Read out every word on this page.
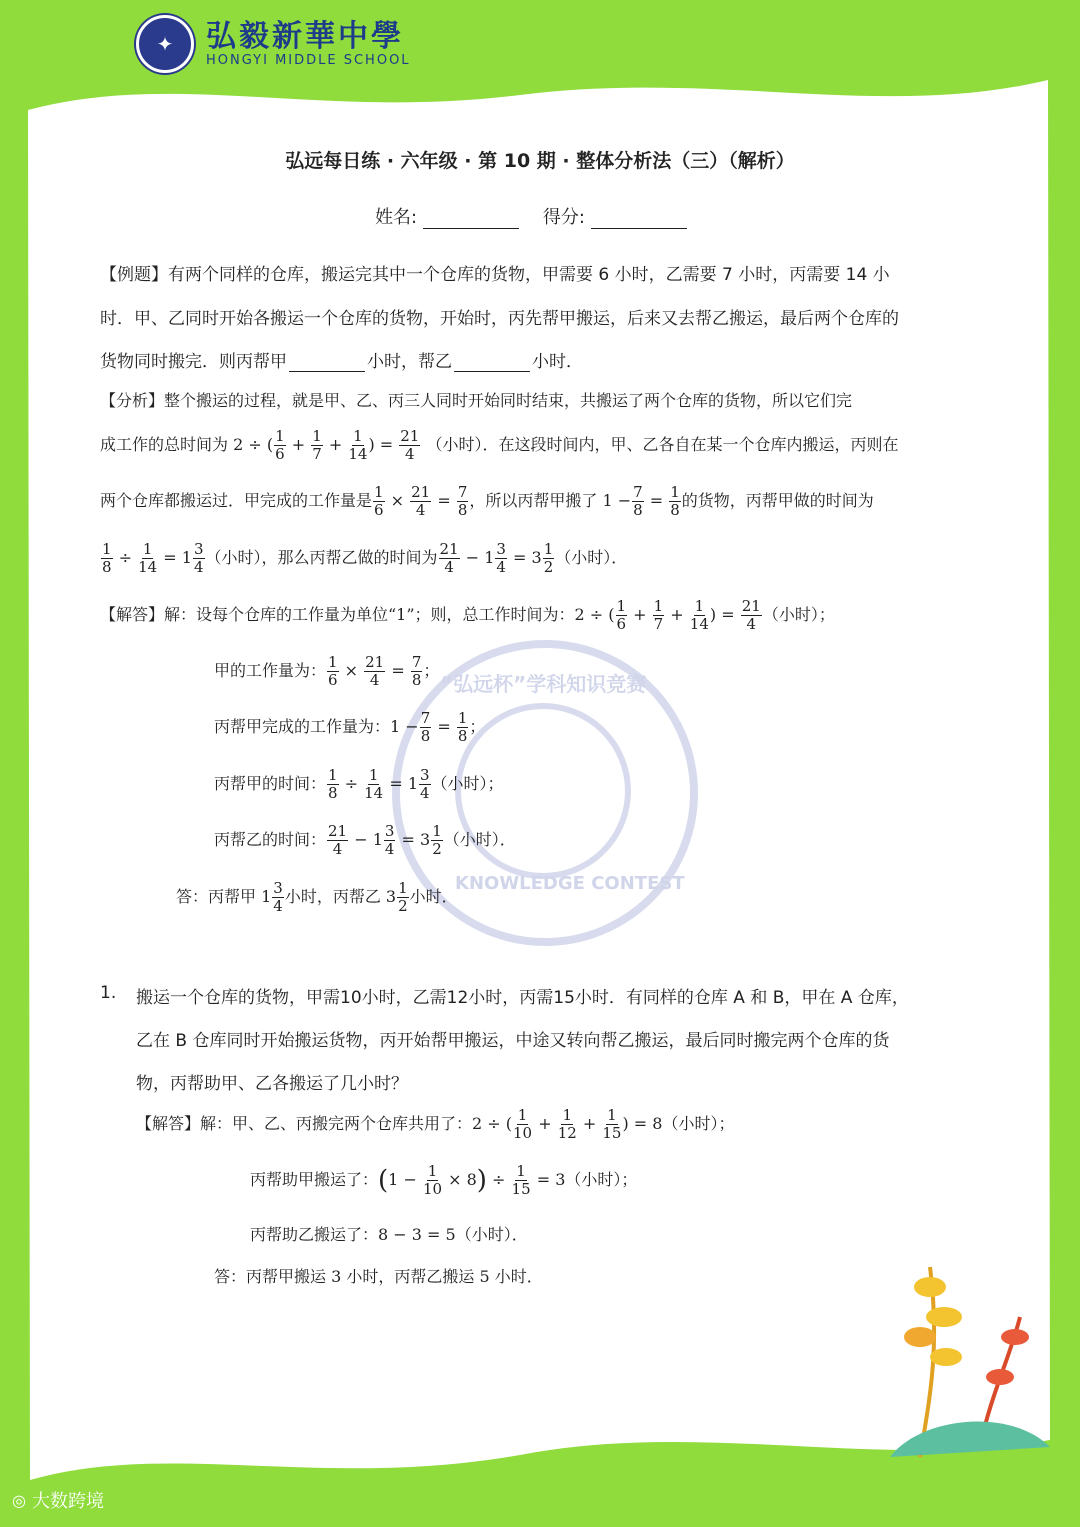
✦	弘毅新華中學
HONGYI MIDDLE SCHOOL
弘远每日练 · 六年级 · 第 10 期 · 整体分析法（三）（解析）
姓名:	得分:
“弘远杯”学科知识竞赛
KNOWLEDGE CONTEST
【例题】有两个同样的仓库，搬运完其中一个仓库的货物，甲需要 6 小时，乙需要 7 小时，丙需要 14 小
时．甲、乙同时开始各搬运一个仓库的货物，开始时，丙先帮甲搬运，后来又去帮乙搬运，最后两个仓库的
货物同时搬完．则丙帮甲	小时，帮乙	小时．
【分析】整个搬运的过程，就是甲、乙、丙三人同时开始同时结束，共搬运了两个仓库的货物，所以它们完
成工作的总时间为 2 ÷ ( $\frac{1}{6} + \frac{1}{7} + \frac{1}{14}$ ) = $\frac{21}{4}$ （小时）．在这段时间内，甲、乙各自在某一个仓库内搬运，丙则在
两个仓库都搬运过．甲完成的工作量是 $\frac{1}{6} \times \frac{21}{4} = \frac{7}{8}$ ，所以丙帮甲搬了 $1 - \frac{7}{8} = \frac{1}{8}$ 的货物，丙帮甲做的时间为
$\frac{1}{8} \div \frac{1}{14} = 1 \frac{3}{4}$ （小时），那么丙帮乙做的时间为 $\frac{21}{4} - 1 \frac{3}{4} = 3 \frac{1}{2}$ （小时）．
【解答】解：设每个仓库的工作量为单位“1”；则，总工作时间为：2 ÷ ( $\frac{1}{6} + \frac{1}{7} + \frac{1}{14}$ ) = $\frac{21}{4}$ （小时）；
甲的工作量为： $\frac{1}{6} \times \frac{21}{4} = \frac{7}{8}$ ；
丙帮甲完成的工作量为：$1 - \frac{7}{8} = \frac{1}{8}$ ；
丙帮甲的时间： $\frac{1}{8} \div \frac{1}{14} = 1 \frac{3}{4}$ （小时）；
丙帮乙的时间： $\frac{21}{4} - 1 \frac{3}{4} = 3 \frac{1}{2}$ （小时）．
答：丙帮甲 $1 \frac{3}{4}$ 小时，丙帮乙 $3 \frac{1}{2}$ 小时．
1. 搬运一个仓库的货物，甲需10小时，乙需12小时，丙需15小时．有同样的仓库 A 和 B，甲在 A 仓库，
乙在 B 仓库同时开始搬运货物，丙开始帮甲搬运，中途又转向帮乙搬运，最后同时搬完两个仓库的货
物，丙帮助甲、乙各搬运了几小时？
【解答】解：甲、乙、丙搬完两个仓库共用了：2 ÷ ( $\frac{1}{10} + \frac{1}{12} + \frac{1}{15}$ ) = 8（小时）；
丙帮助甲搬运了：$(1 - \frac{1}{10} \times 8) \div \frac{1}{15} = 3$（小时）；
丙帮助乙搬运了：8 − 3 = 5（小时）．
答：丙帮甲搬运 3 小时，丙帮乙搬运 5 小时．
◎ 大数跨境
